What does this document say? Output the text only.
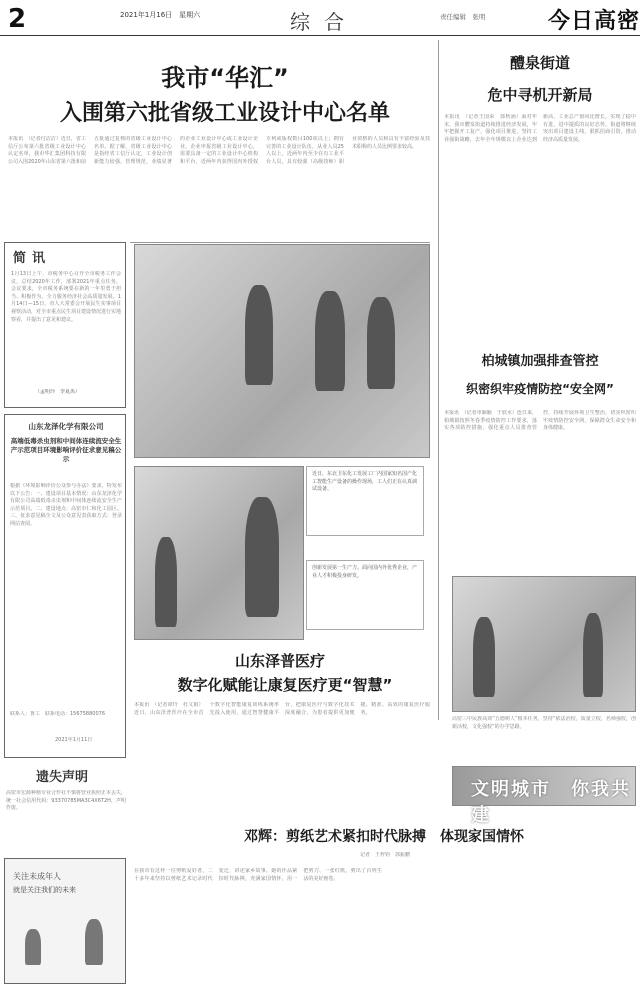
2	2021年1月16日　星期六	综合	责任编辑　张明	今日高密
我市“华汇”
入围第六批省级工业设计中心名单
本报讯　（记者付洁洁）近日，省工信厅公布第六批省级工业设计中心认定名单，我市华汇集团科技有限公司入围2020年山东省第六批和前五批通过复核的省级工业设计中心名单。据了解，省级工业设计中心是指经省工信厅认定，工业设计创新能力较强，管理规范，业绩显著的企业工业设计中心或工业设计企业。企业申报省级工业设计中心，需要具备一定的工业设计中心机构和平台，近两年内获得国内外授权专利或版权数目100项以上；拥有完善的工业设计队伍，从业人员25人以上，近两年内至少在有工业平台人员，具有较强（高级技师）职业资格的人员和具有丰富经验及技术职称的人员比例要求较高。
近日，东北卫东化工发展工厂内国家知名国产化工智能生产设备的操作现场，工人们正在认真调试设备。
创新发展第一生产力。面向国内外优秀企业，产业人才积极投身研发。
简讯
1月13日上午，市税务中心召开全市税务工作会议，总结2020年工作，部署2021年重点任务。会议要求，全市税务系统要在新的一年里勇于担当、积极作为，全力服务经济社会高质量发展。1月14日—15日，市人大常委会开展民生实事项目视察活动，对全市重点民生项目建设情况进行实地察看，并提出了意见和建议。
（孟明玲　李夏禹）
山东龙泽化学有限公司
高端低毒杀虫剂和中间体连续流安全生产示范项目环境影响评价征求意见稿公示
根据《环境影响评价公众参与办法》要求，特发布以下公告：一、建设项目基本情况：山东龙泽化学有限公司高端低毒杀虫剂和中间体连续流安全生产示范项目。二、建设地点：高密市仁和化工园区。三、征求意见稿全文及公众意见表获取方式：登录网站查阅。
联系人：鲁工　联系电话：15675880076
2021年1月11日
遗失声明
高密市宏源种植专业合作社不慎将营业执照正本丢失，统一社会信用代码：93370785MA3C4X6T2H，声明作废。
关注未成年人
就是关注我们的未来
山东泽普医疗
数字化赋能让康复医疗更“智慧”
本报讯　（记者谭玲　杜文娟）近日，山东泽普医疗在全市首个数字化智能康复训练系统率先投入使用，通过智慧健康平台，把康复医疗与数字化技术深度融合，为患者提供更加便捷、精准、高效的康复医疗服务。
醴泉街道
危中寻机开新局
本报讯　（记者王国荣　郭秋涵）面对年末，我市醴泉街道持续推进经济发展，牢牢把握开工复产，强化项目推进，坚持工业强街战略，去年全年规模以上企业达到新高，工业总产值同比增长，实现了稳中有进、进中提质的良好态势。街道将继续突出项目建设主线，狠抓招商引资，推动经济高质量发展。
柏城镇加强排查管控
织密织牢疫情防控“安全网”
本报讯　（记者单颖颖　于软水）连日来，柏城镇按照冬春季疫情防控工作要求，落实各项防控措施，强化重点人员排查管控，持续开展环境卫生整治，切实织密织牢疫情防控安全网，保障群众生命安全和身体健康。
高密三中民族高效“五德树人”根本任务，坚持“依法治校，质量立校，名师强校，创新活校，文化强校”的办学思路。
文明城市　你我共建
邓辉：剪纸艺术紧扣时代脉搏　体现家国情怀
记者　王梓钧　郭振鹏
在我市有这样一位剪纸爱好者，二十多年来坚持以剪纸艺术记录时代变迁，讲述家乡故事。她的作品紧扣时代脉搏，充满家国情怀，用一把剪刀、一张红纸，剪出了百姓生活的美好画卷。
